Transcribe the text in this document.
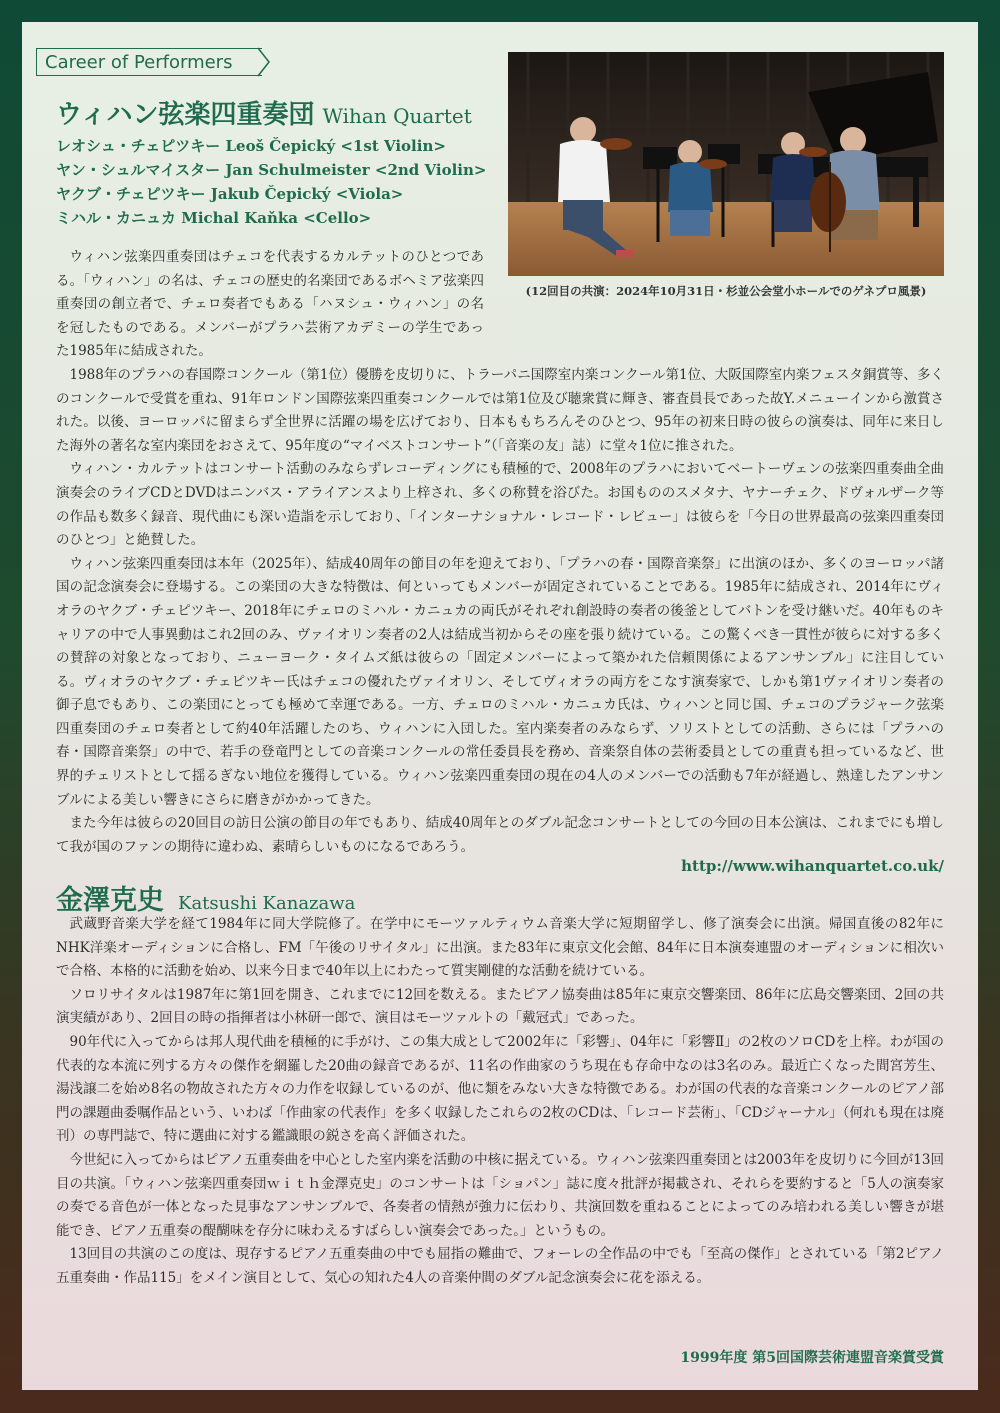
Career of Performers
ウィハン弦楽四重奏団 Wihan Quartet
レオシュ・チェピツキー Leoš Čepický <1st Violin>
ヤン・シュルマイスター Jan Schulmeister <2nd Violin>
ヤクブ・チェピツキー Jakub Čepický <Viola>
ミハル・カニュカ Michal Kaňka <Cello>
(12回目の共演：2024年10月31日・杉並公会堂小ホールでのゲネプロ風景)

ウィハン弦楽四重奏団はチェコを代表するカルテットのひとつである。「ウィハン」の名は、チェコの歴史的名楽団であるボヘミア弦楽四重奏団の創立者で、チェロ奏者でもある「ハヌシュ・ウィハン」の名を冠したものである。メンバーがプラハ芸術アカデミーの学生であった1985年に結成された。

1988年のプラハの春国際コンクール（第1位）優勝を皮切りに、トラーパニ国際室内楽コンクール第1位、大阪国際室内楽フェスタ銅賞等、多くのコンクールで受賞を重ね、91年ロンドン国際弦楽四重奏コンクールでは第1位及び聴衆賞に輝き、審査員長であった故Y.メニューインから激賞された。以後、ヨーロッパに留まらず全世界に活躍の場を広げており、日本ももちろんそのひとつ、95年の初来日時の彼らの演奏は、同年に来日した海外の著名な室内楽団をおさえて、95年度の“マイベストコンサート”（「音楽の友」誌）に堂々1位に推された。

ウィハン・カルテットはコンサート活動のみならずレコーディングにも積極的で、2008年のプラハにおいてベートーヴェンの弦楽四重奏曲全曲演奏会のライブCDとDVDはニンバス・アライアンスより上梓され、多くの称賛を浴びた。お国もののスメタナ、ヤナーチェク、ドヴォルザーク等の作品も数多く録音、現代曲にも深い造詣を示しており、「インターナショナル・レコード・レビュー」は彼らを「今日の世界最高の弦楽四重奏団のひとつ」と絶賛した。

ウィハン弦楽四重奏団は本年（2025年）、結成40周年の節目の年を迎えており、「プラハの春・国際音楽祭」に出演のほか、多くのヨーロッパ諸国の記念演奏会に登場する。この楽団の大きな特徴は、何といってもメンバーが固定されていることである。1985年に結成され、2014年にヴィオラのヤクブ・チェピツキー、2018年にチェロのミハル・カニュカの両氏がそれぞれ創設時の奏者の後釜としてバトンを受け継いだ。40年ものキャリアの中で人事異動はこれ2回のみ、ヴァイオリン奏者の2人は結成当初からその座を張り続けている。この驚くべき一貫性が彼らに対する多くの賛辞の対象となっており、ニューヨーク・タイムズ紙は彼らの「固定メンバーによって築かれた信頼関係によるアンサンブル」に注目している。ヴィオラのヤクブ・チェピツキー氏はチェコの優れたヴァイオリン、そしてヴィオラの両方をこなす演奏家で、しかも第1ヴァイオリン奏者の御子息でもあり、この楽団にとっても極めて幸運である。一方、チェロのミハル・カニュカ氏は、ウィハンと同じ国、チェコのプラジャーク弦楽四重奏団のチェロ奏者として約40年活躍したのち、ウィハンに入団した。室内楽奏者のみならず、ソリストとしての活動、さらには「プラハの春・国際音楽祭」の中で、若手の登竜門としての音楽コンクールの常任委員長を務め、音楽祭自体の芸術委員としての重責も担っているなど、世界的チェリストとして揺るぎない地位を獲得している。ウィハン弦楽四重奏団の現在の4人のメンバーでの活動も7年が経過し、熟達したアンサンブルによる美しい響きにさらに磨きがかかってきた。

また今年は彼らの20回目の訪日公演の節目の年でもあり、結成40周年とのダブル記念コンサートとしての今回の日本公演は、これまでにも増して我が国のファンの期待に違わぬ、素晴らしいものになるであろう。

http://www.wihanquartet.co.uk/
金澤克史 Katsushi Kanazawa

武蔵野音楽大学を経て1984年に同大学院修了。在学中にモーツァルティウム音楽大学に短期留学し、修了演奏会に出演。帰国直後の82年にNHK洋楽オーディションに合格し、FM「午後のリサイタル」に出演。また83年に東京文化会館、84年に日本演奏連盟のオーディションに相次いで合格、本格的に活動を始め、以来今日まで40年以上にわたって質実剛健的な活動を続けている。

ソロリサイタルは1987年に第1回を開き、これまでに12回を数える。またピアノ協奏曲は85年に東京交響楽団、86年に広島交響楽団、2回の共演実績があり、2回目の時の指揮者は小林研一郎で、演目はモーツァルトの「戴冠式」であった。

90年代に入ってからは邦人現代曲を積極的に手がけ、この集大成として2002年に「彩響」、04年に「彩響Ⅱ」の2枚のソロCDを上梓。わが国の代表的な本流に列する方々の傑作を網羅した20曲の録音であるが、11名の作曲家のうち現在も存命中なのは3名のみ。最近亡くなった間宮芳生、湯浅譲二を始め8名の物故された方々の力作を収録しているのが、他に類をみない大きな特徴である。わが国の代表的な音楽コンクールのピアノ部門の課題曲委嘱作品という、いわば「作曲家の代表作」を多く収録したこれらの2枚のCDは、「レコード芸術」、「CDジャーナル」（何れも現在は廃刊）の専門誌で、特に選曲に対する鑑識眼の鋭さを高く評価された。

今世紀に入ってからはピアノ五重奏曲を中心とした室内楽を活動の中核に据えている。ウィハン弦楽四重奏団とは2003年を皮切りに今回が13回目の共演。「ウィハン弦楽四重奏団ｗｉｔｈ金澤克史」のコンサートは「ショパン」誌に度々批評が掲載され、それらを要約すると「5人の演奏家の奏でる音色が一体となった見事なアンサンブルで、各奏者の情熱が強力に伝わり、共演回数を重ねることによってのみ培われる美しい響きが堪能でき、ピアノ五重奏の醍醐味を存分に味わえるすばらしい演奏会であった。」というもの。

13回目の共演のこの度は、現存するピアノ五重奏曲の中でも屈指の難曲で、フォーレの全作品の中でも「至高の傑作」とされている「第2ピアノ五重奏曲・作品115」をメイン演目として、気心の知れた4人の音楽仲間のダブル記念演奏会に花を添える。

1999年度 第5回国際芸術連盟音楽賞受賞
